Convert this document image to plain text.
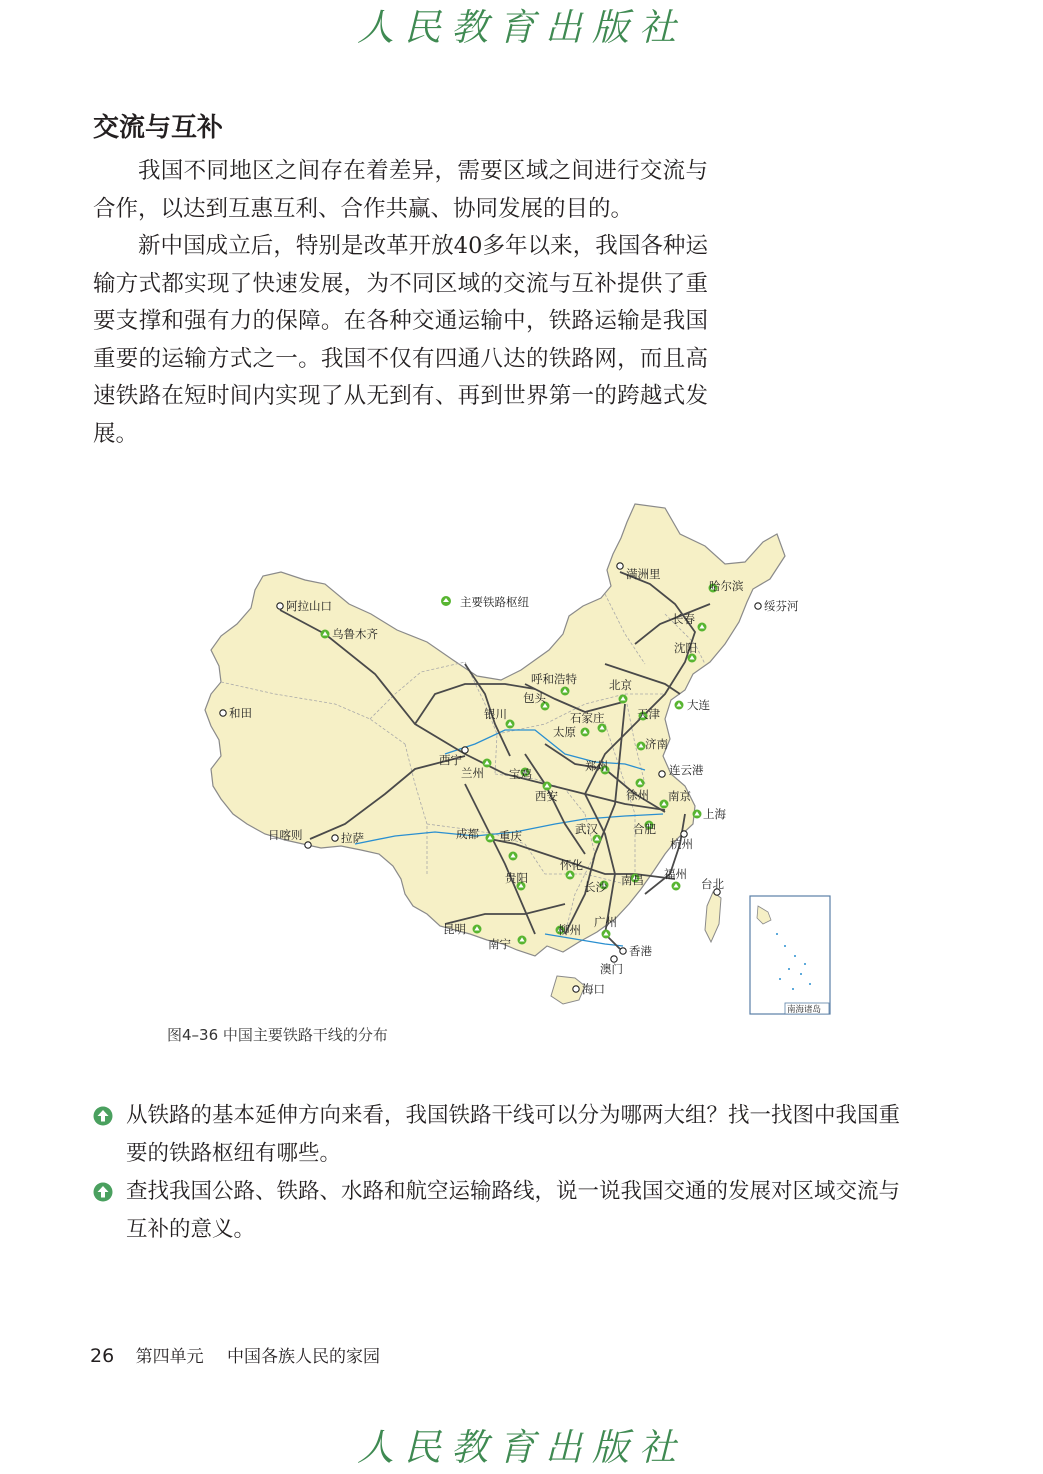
人民教育出版社
交流与互补

我国不同地区之间存在着差异，需要区域之间进行交流与合作，以达到互惠互利、合作共赢、协同发展的目的。

新中国成立后，特别是改革开放40多年以来，我国各种运输方式都实现了快速发展，为不同区域的交流与互补提供了重要支撑和强有力的保障。在各种交通运输中，铁路运输是我国重要的运输方式之一。我国不仅有四通八达的铁路网，而且高速铁路在短时间内实现了从无到有、再到世界第一的跨越式发展。

主要铁路枢纽
南海诸岛
满洲里
哈尔滨
绥芬河
长春
沈阳
大连
阿拉山口
乌鲁木齐
和田
呼和浩特	北京
包头
天津
银川	石家庄
太原
济南
西宁
兰州 宝鸡
郑州	连云港
西安	徐州 南京
上海
日喀则	拉萨	成都 重庆	武汉	合肥
杭州
怀化
贵阳
长沙 南昌 福州
台北
昆明
南宁
柳州
广州
香港
澳门
海口
图4–36 中国主要铁路干线的分布
从铁路的基本延伸方向来看，我国铁路干线可以分为哪两大组？找一找图中我国重要的铁路枢纽有哪些。
查找我国公路、铁路、水路和航空运输路线，说一说我国交通的发展对区域交流与互补的意义。
26 第四单元 中国各族人民的家园
人民教育出版社
